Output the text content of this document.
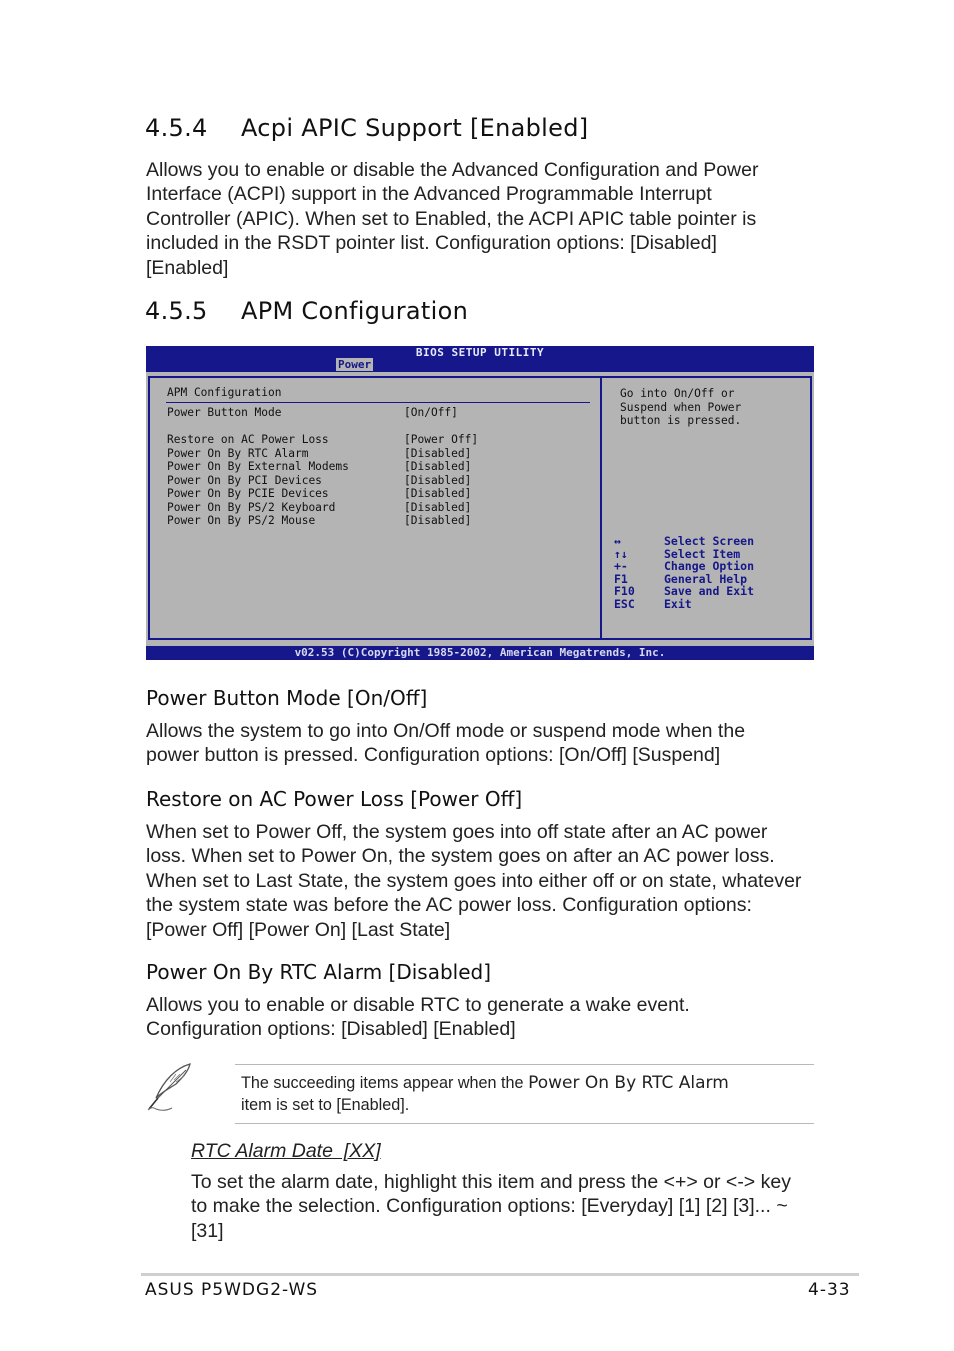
4.5.4 Acpi APIC Support [Enabled]

Allows you to enable or disable the Advanced Configuration and Power Interface (ACPI) support in the Advanced Programmable Interrupt Controller (APIC). When set to Enabled, the ACPI APIC table pointer is included in the RSDT pointer list. Configuration options: [Disabled] [Enabled]

4.5.5 APM Configuration
BIOS SETUP UTILITY
Power
APM Configuration
Power Button Mode	[On/Off]
Restore on AC Power Loss	[Power Off]
Power On By RTC Alarm	[Disabled]
Power On By External Modems	[Disabled]
Power On By PCI Devices	[Disabled]
Power On By PCIE Devices	[Disabled]
Power On By PS/2 Keyboard	[Disabled]
Power On By PS/2 Mouse	[Disabled]
Go into On/Off or
Suspend when Power
button is pressed.
↔	Select Screen
↑↓	Select Item
+-	Change Option
F1	General Help
F10	Save and Exit
ESC	Exit
v02.53 (C)Copyright 1985-2002, American Megatrends, Inc.
Power Button Mode [On/Off]

Allows the system to go into On/Off mode or suspend mode when the power button is pressed. Configuration options: [On/Off] [Suspend]

Restore on AC Power Loss [Power Off]

When set to Power Off, the system goes into off state after an AC power loss. When set to Power On, the system goes on after an AC power loss. When set to Last State, the system goes into either off or on state, whatever the system state was before the AC power loss. Configuration options: [Power Off] [Power On] [Last State]

Power On By RTC Alarm [Disabled]

Allows you to enable or disable RTC to generate a wake event. Configuration options: [Disabled] [Enabled]

The succeeding items appear when the Power On By RTC Alarm
item is set to [Enabled].
RTC Alarm Date  [XX]

To set the alarm date, highlight this item and press the <+> or <-> key to make the selection. Configuration options: [Everyday] [1] [2] [3]... ~ [31]

ASUS P5WDG2-WS	4-33
